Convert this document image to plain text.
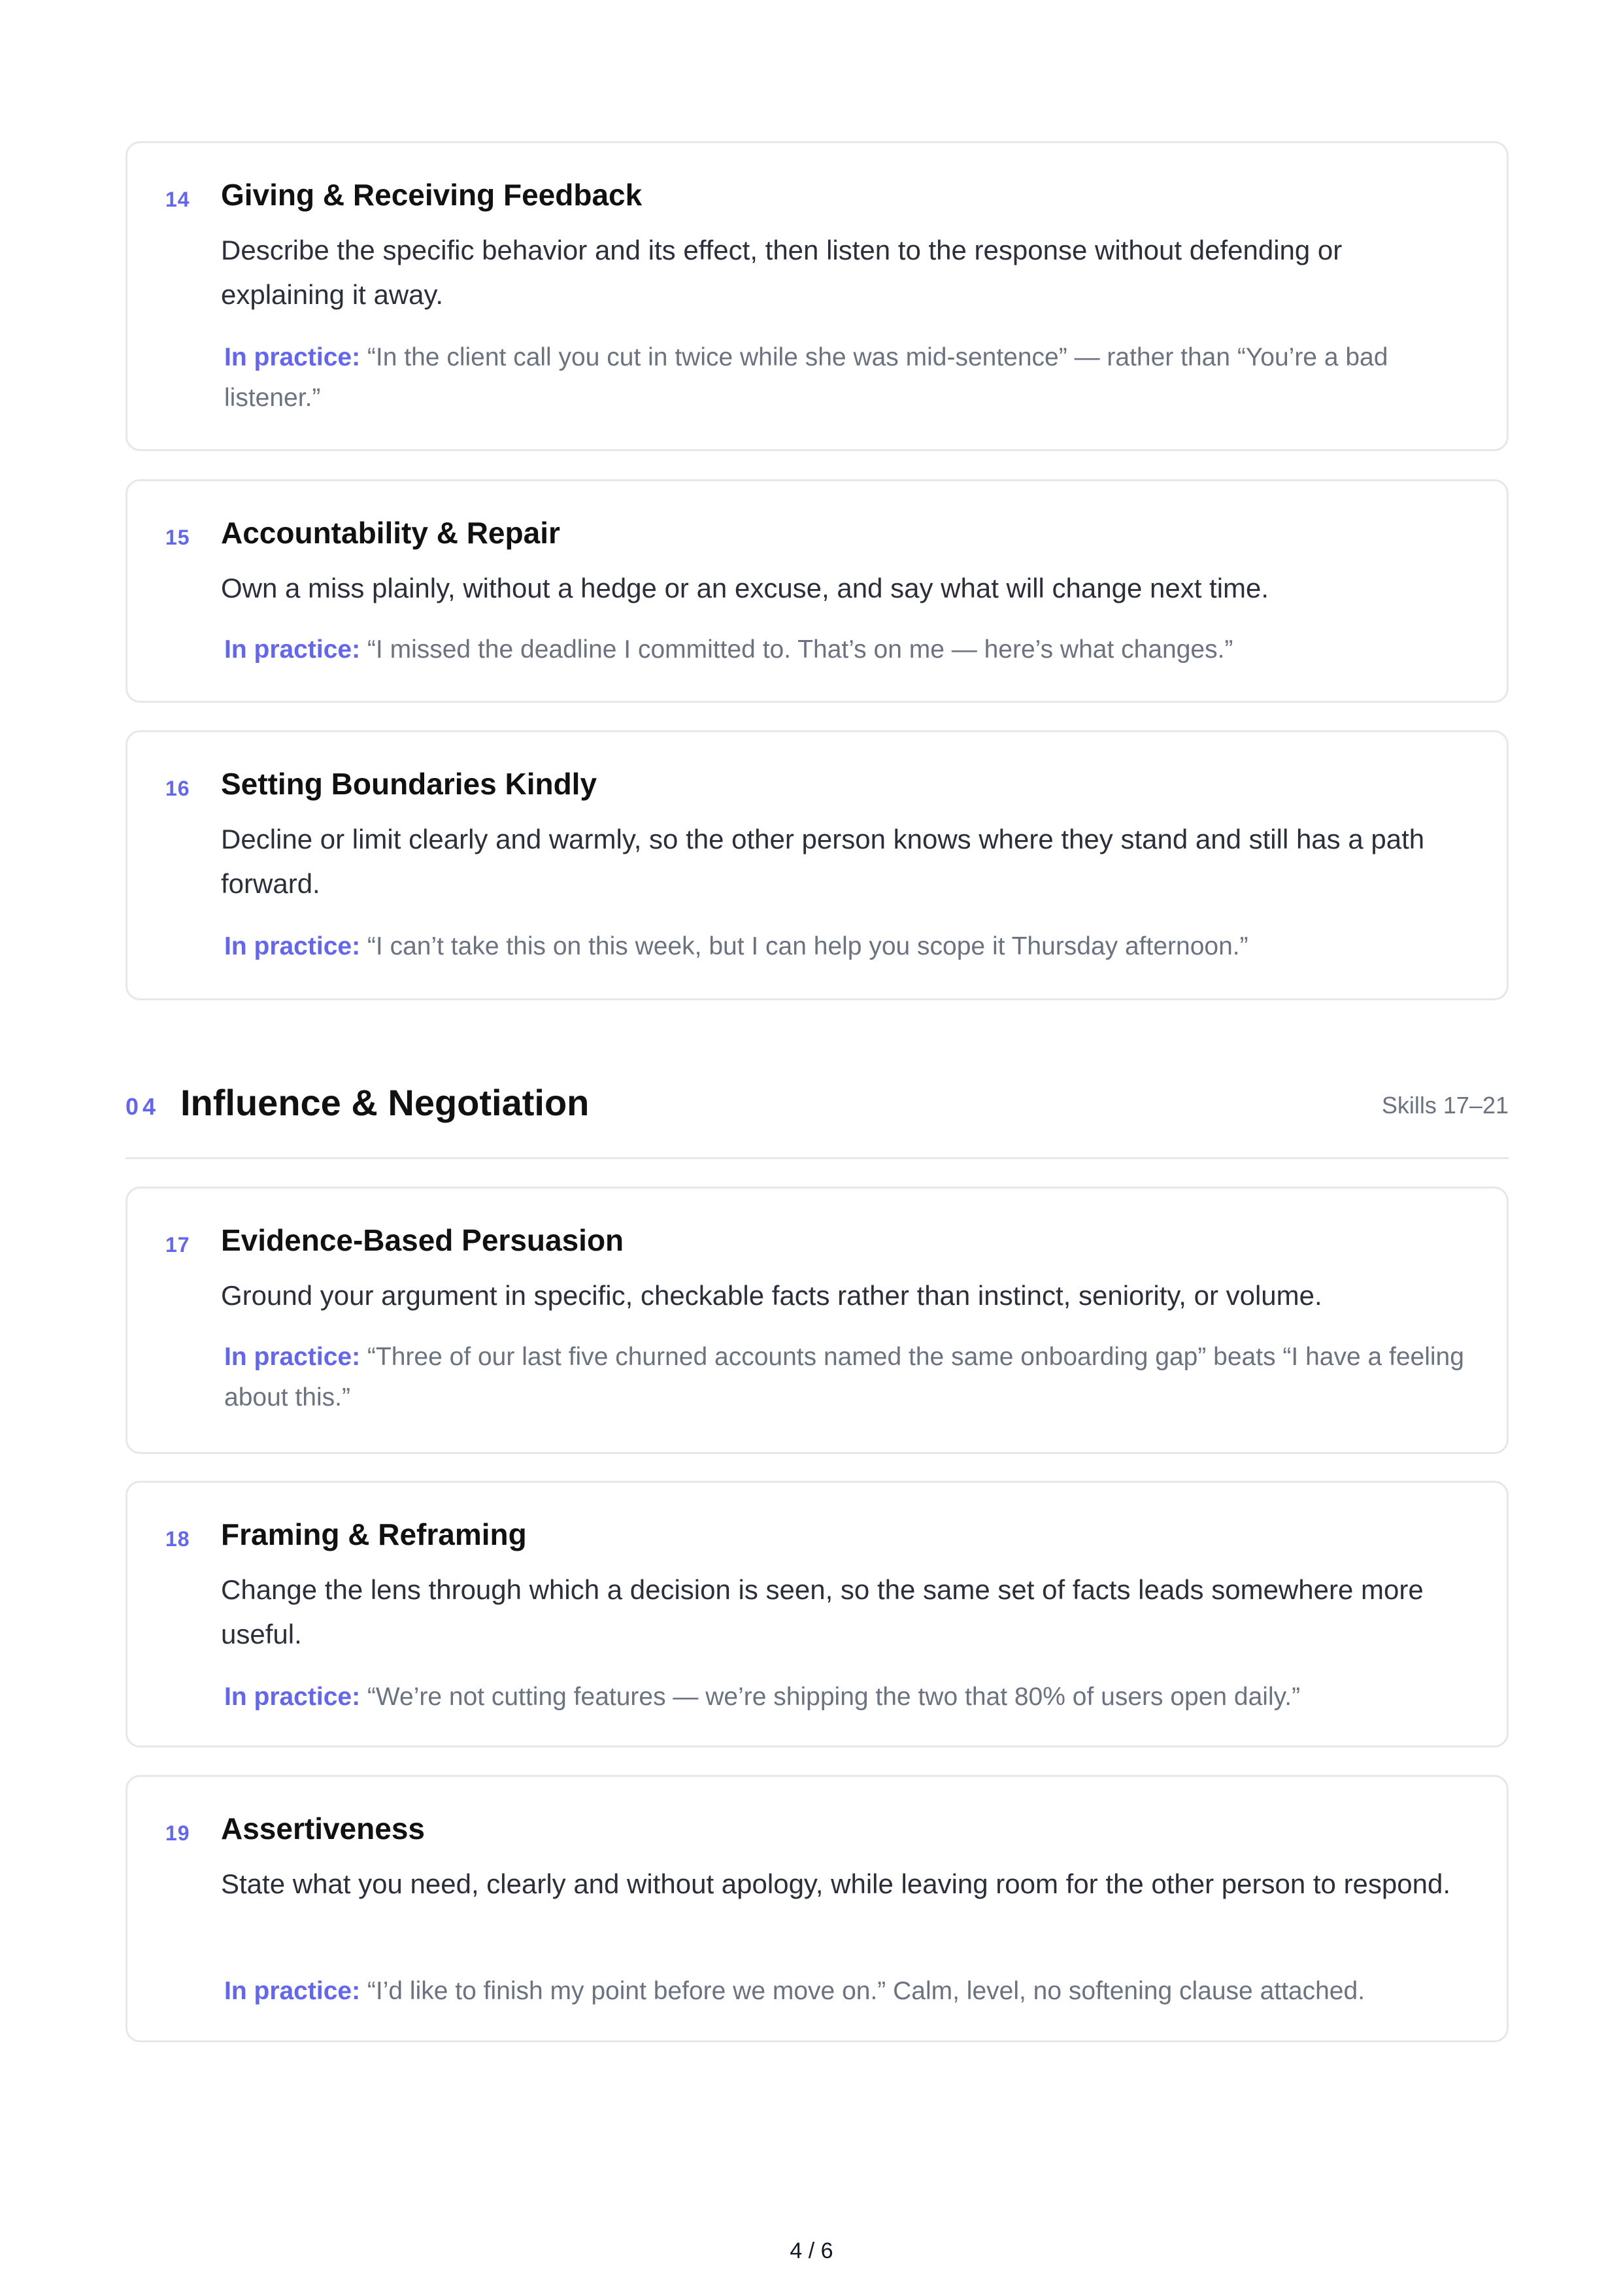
14 Giving & Receiving Feedback
Describe the specific behavior and its effect, then listen to the response without defending or explaining it away.
In practice: “In the client call you cut in twice while she was mid-sentence” — rather than “You’re a bad listener.”
15 Accountability & Repair
Own a miss plainly, without a hedge or an excuse, and say what will change next time.
In practice: “I missed the deadline I committed to. That’s on me — here’s what changes.”
16 Setting Boundaries Kindly
Decline or limit clearly and warmly, so the other person knows where they stand and still has a path forward.
In practice: “I can’t take this on this week, but I can help you scope it Thursday afternoon.”
04 Influence & Negotiation	Skills 17–21
17 Evidence-Based Persuasion
Ground your argument in specific, checkable facts rather than instinct, seniority, or volume.
In practice: “Three of our last five churned accounts named the same onboarding gap” beats “I have a feeling about this.”
18 Framing & Reframing
Change the lens through which a decision is seen, so the same set of facts leads somewhere more useful.
In practice: “We’re not cutting features — we’re shipping the two that 80% of users open daily.”
19 Assertiveness
State what you need, clearly and without apology, while leaving room for the other person to respond.
In practice: “I’d like to finish my point before we move on.” Calm, level, no softening clause attached.
4 / 6
